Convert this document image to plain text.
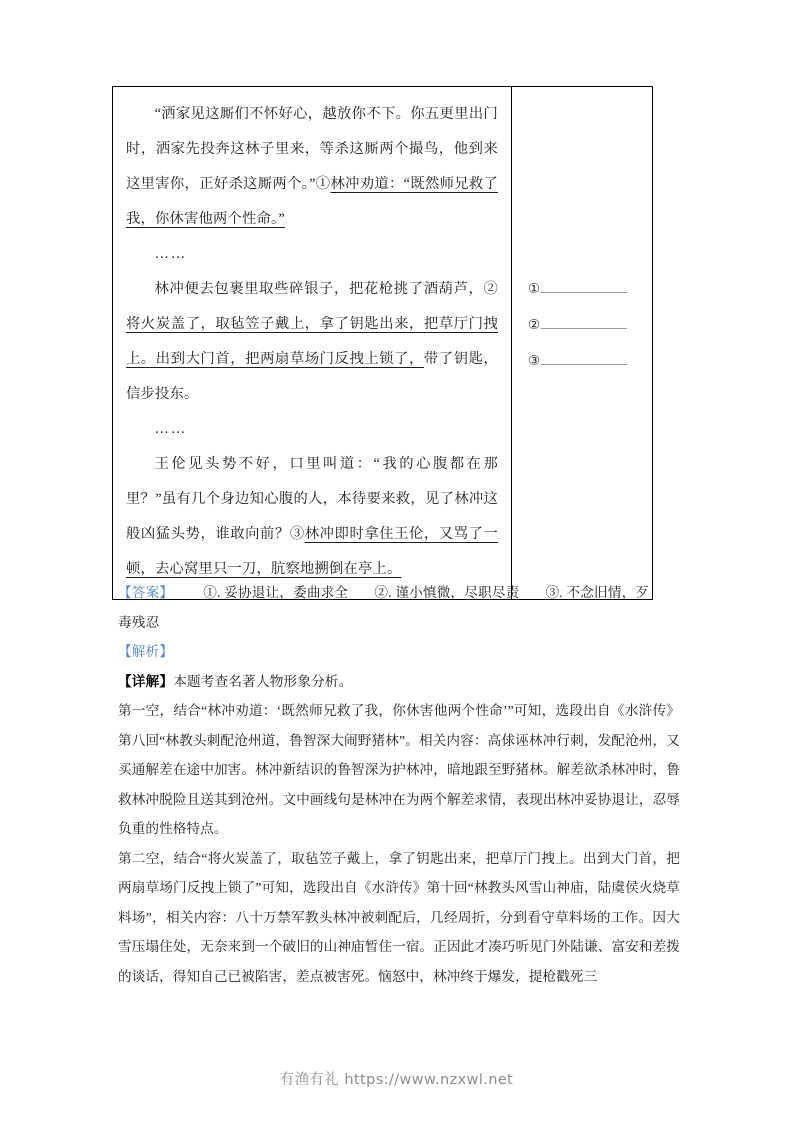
“洒家见这厮们不怀好心，越放你不下。你五更里出门时，洒家先投奔这林子里来，等杀这厮两个撮鸟，他到来这里害你，正好杀这厮两个。”①林冲劝道：“既然师兄救了我，你休害他两个性命。”

……

林冲便去包裹里取些碎银子，把花枪挑了酒葫芦，②将火炭盖了，取毡笠子戴上，拿了钥匙出来，把草厅门拽上。出到大门首，把两扇草场门反拽上锁了，带了钥匙，信步投东。

……

王伦见头势不好，口里叫道：“我的心腹都在那里？”虽有几个身边知心腹的人，本待要来救，见了林冲这般凶猛头势，谁敢向前？③林冲即时拿住王伦，又骂了一顿，去心窝里只一刀，肮察地搠倒在亭上。

①
②
③
【答案】 ①. 妥协退让，委曲求全 ②. 谨小慎微，尽职尽责 ③. 不念旧情，歹
毒残忍
【解析】
【详解】本题考查名著人物形象分析。

第一空，结合“林冲劝道：‘既然师兄救了我，你休害他两个性命’”可知，选段出自《水浒传》第八回“林教头刺配沧州道，鲁智深大闹野猪林”。相关内容：高俅诬林冲行刺，发配沧州，又买通解差在途中加害。林冲新结识的鲁智深为护林冲，暗地跟至野猪林。解差欲杀林冲时，鲁救林冲脱险且送其到沧州。文中画线句是林冲在为两个解差求情，表现出林冲妥协退让，忍辱负重的性格特点。

第二空，结合“将火炭盖了，取毡笠子戴上，拿了钥匙出来，把草厅门拽上。出到大门首，把两扇草场门反拽上锁了”可知，选段出自《水浒传》第十回“林教头风雪山神庙，陆虞侯火烧草料场”，相关内容：八十万禁军教头林冲被刺配后，几经周折，分到看守草料场的工作。因大雪压塌住处，无奈来到一个破旧的山神庙暂住一宿。正因此才凑巧听见门外陆谦、富安和差拨的谈话，得知自己已被陷害，差点被害死。恼怒中，林冲终于爆发，提枪戳死三

有渔有礼 https://www.nzxwl.net
